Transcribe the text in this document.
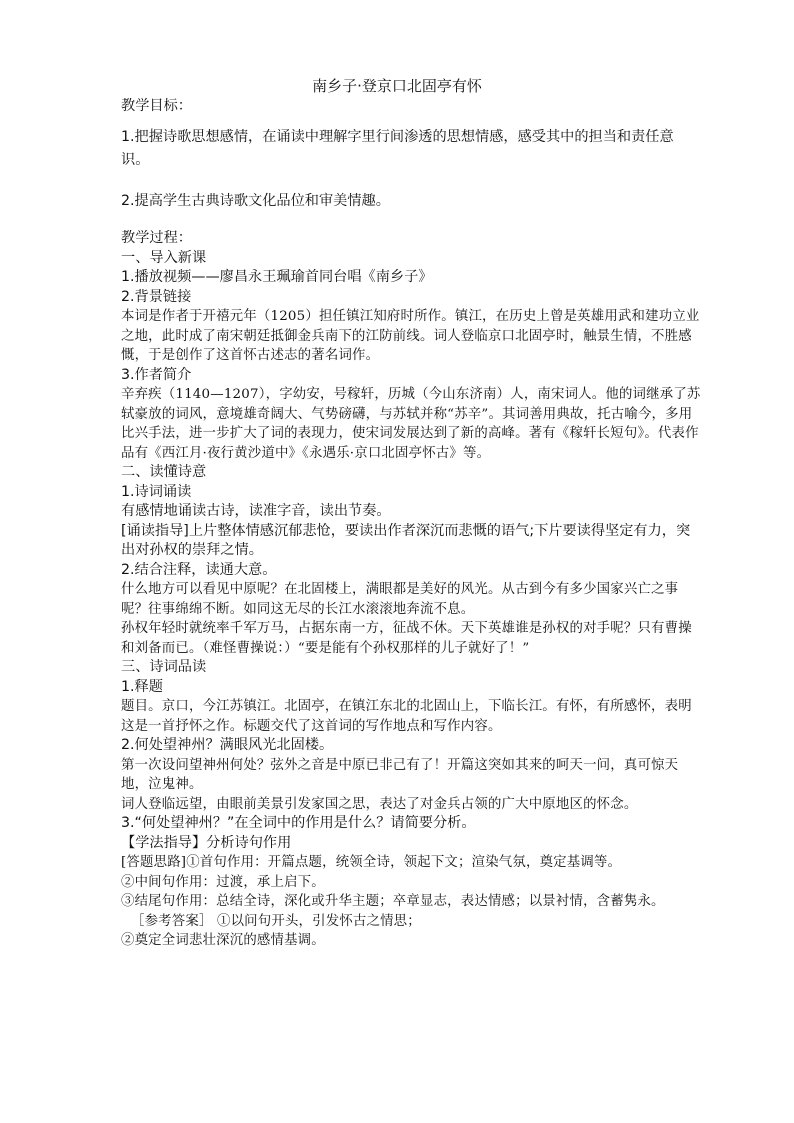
南乡子·登京口北固亭有怀

教学目标：

1.把握诗歌思想感情，在诵读中理解字里行间渗透的思想情感，感受其中的担当和责任意识。

2.提高学生古典诗歌文化品位和审美情趣。

教学过程：

一、导入新课

1.播放视频——廖昌永王珮瑜首同台唱《南乡子》

2.背景链接

本词是作者于开禧元年（1205）担任镇江知府时所作。镇江，在历史上曾是英雄用武和建功立业之地，此时成了南宋朝廷抵御金兵南下的江防前线。词人登临京口北固亭时，触景生情，不胜感慨，于是创作了这首怀古述志的著名词作。

3.作者简介

辛弃疾（1140—1207），字幼安，号稼轩，历城（今山东济南）人，南宋词人。他的词继承了苏轼豪放的词风，意境雄奇阔大、气势磅礴，与苏轼并称“苏辛”。其词善用典故，托古喻今，多用比兴手法，进一步扩大了词的表现力，使宋词发展达到了新的高峰。著有《稼轩长短句》。代表作品有《西江月·夜行黄沙道中》《永遇乐·京口北固亭怀古》等。

二、读懂诗意

1.诗词诵读

有感情地诵读古诗，读准字音，读出节奏。

[诵读指导]上片整体情感沉郁悲怆，要读出作者深沉而悲慨的语气;下片要读得坚定有力，突出对孙权的崇拜之情。

2.结合注释，读通大意。

什么地方可以看见中原呢？在北固楼上，满眼都是美好的风光。从古到今有多少国家兴亡之事呢？往事绵绵不断。如同这无尽的长江水滚滚地奔流不息。

孙权年轻时就统率千军万马，占据东南一方，征战不休。天下英雄谁是孙权的对手呢？只有曹操和刘备而已。（难怪曹操说：）“要是能有个孙权那样的儿子就好了！”

三、诗词品读

1.释题

题目。京口，今江苏镇江。北固亭，在镇江东北的北固山上，下临长江。有怀，有所感怀，表明这是一首抒怀之作。标题交代了这首词的写作地点和写作内容。

2.何处望神州？满眼风光北固楼。

第一次设问望神州何处？弦外之音是中原已非己有了！开篇这突如其来的呵天一问，真可惊天地，泣鬼神。

词人登临远望，由眼前美景引发家国之思，表达了对金兵占领的广大中原地区的怀念。

3.“何处望神州？”在全词中的作用是什么？请简要分析。

【学法指导】分析诗句作用

[答题思路]①首句作用：开篇点题，统领全诗，领起下文；渲染气氛，奠定基调等。

②中间句作用：过渡，承上启下。

③结尾句作用：总结全诗，深化或升华主题；卒章显志，表达情感；以景衬情，含蓄隽永。

［参考答案］ ①以问句开头，引发怀古之情思；

②奠定全词悲壮深沉的感情基调。
